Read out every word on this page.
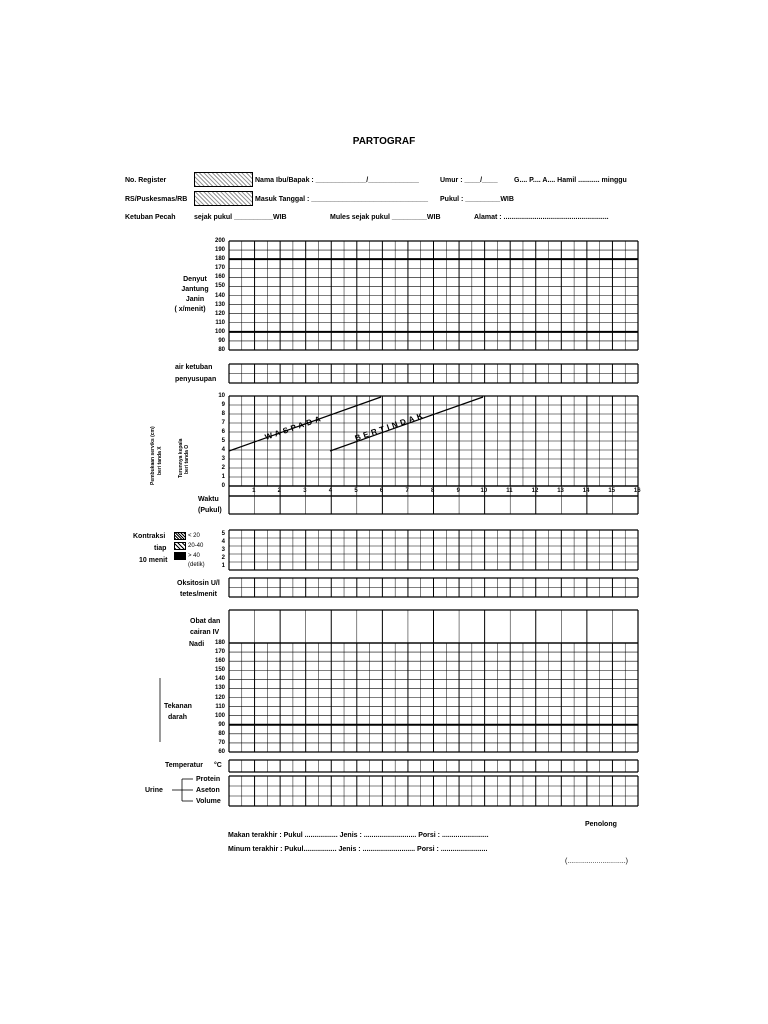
PARTOGRAF
No. Register	Nama Ibu/Bapak : _____________/_____________	Umur : ____/____ G.... P.... A.... Hamil ........... minggu
RS/Puskesmas/RB	Masuk Tanggal : ______________________________ Pukul : _________WIB
Ketuban Pecah	sejak pukul __________WIB	Mules sejak pukul _________WIB	Alamat : ......................................................
Denyut
Jantung
Janin
( x/menit)
200
190
180
170
160
150
140
130
120
110
100
90
80
air ketuban
penyusupan
Pembukaan serviks (cm) beri tanda X	Turunnya kepala beri tanda O
10
9
8
7
6
5
4
3
2
1
0
1	2	3	4	5	6	7	8	9	10	11	12	13	14	15	16
Waktu
(Pukul)
Kontraksi
tiap
10 menit
< 20
20-40
> 40
(detik)
5
4
3
2
1
Oksitosin U/l
tetes/menit
Obat dan
cairan IV
Nadi
Tekanan
darah
180
170
160
150
140
130
120
110
100
90
80
70
60
Temperatur °C
Urine
Protein
Aseton
Volume
Penolong
Makan terakhir : Pukul ................. Jenis : ........................... Porsi : ........................
Minum terakhir : Pukul................. Jenis : ........................... Porsi : ........................
(..............................)
WASPADA	BERTINDAK
